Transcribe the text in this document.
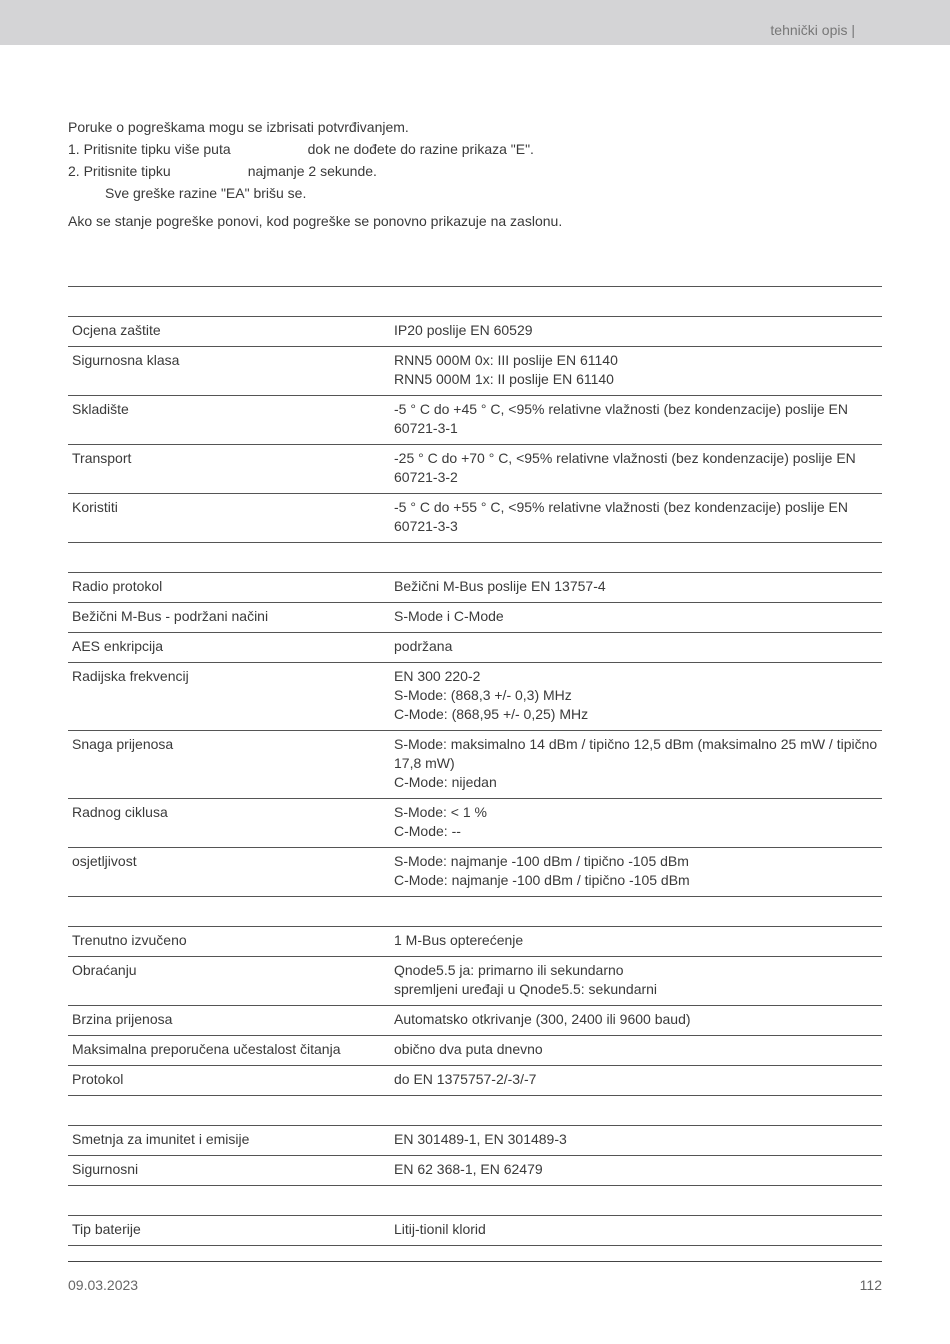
tehnički opis |

Poruke o pogreškama mogu se izbrisati potvrđivanjem.

1. Pritisnite tipku više puta	dok ne dođete do razine prikaza "E".

2. Pritisnite tipku	najmanje 2 sekunde.

Sve greške razine "EA" brišu se.

Ako se stanje pogreške ponovi, kod pogreške se ponovno prikazuje na zaslonu.

Ocjena zaštite	IP20 poslije EN 60529
Sigurnosna klasa	RNN5 000M 0x: III poslije EN 61140
RNN5 000M 1x: II poslije EN 61140
Skladište	-5 ° C do +45 ° C, <95% relativne vlažnosti (bez kondenzacije) poslije EN 60721-3-1
Transport	-25 ° C do +70 ° C, <95% relativne vlažnosti (bez kondenzacije) poslije EN 60721-3-2
Koristiti	-5 ° C do +55 ° C, <95% relativne vlažnosti (bez kondenzacije) poslije EN 60721-3-3
Radio protokol	Bežični M-Bus poslije EN 13757-4
Bežični M-Bus - podržani načini	S-Mode i C-Mode
AES enkripcija	podržana
Radijska frekvencij	EN 300 220-2
S-Mode: (868,3 +/- 0,3) MHz
C-Mode: (868,95 +/- 0,25) MHz
Snaga prijenosa	S-Mode: maksimalno 14 dBm / tipično 12,5 dBm (maksimalno 25 mW / tipično 17,8 mW)
C-Mode: nijedan
Radnog ciklusa	S-Mode: < 1 %
C-Mode: --
osjetljivost	S-Mode: najmanje -100 dBm / tipično -105 dBm
C-Mode: najmanje -100 dBm / tipično -105 dBm
Trenutno izvučeno	1 M-Bus opterećenje
Obraćanju	Qnode5.5 ja: primarno ili sekundarno
spremljeni uređaji u Qnode5.5: sekundarni
Brzina prijenosa	Automatsko otkrivanje (300, 2400 ili 9600 baud)
Maksimalna preporučena učestalost čitanja	obično dva puta dnevno
Protokol	do EN 1375757-2/-3/-7
Smetnja za imunitet i emisije	EN 301489-1, EN 301489-3
Sigurnosni	EN 62 368-1, EN 62479
Tip baterije	Litij-tionil klorid
09.03.2023	112
